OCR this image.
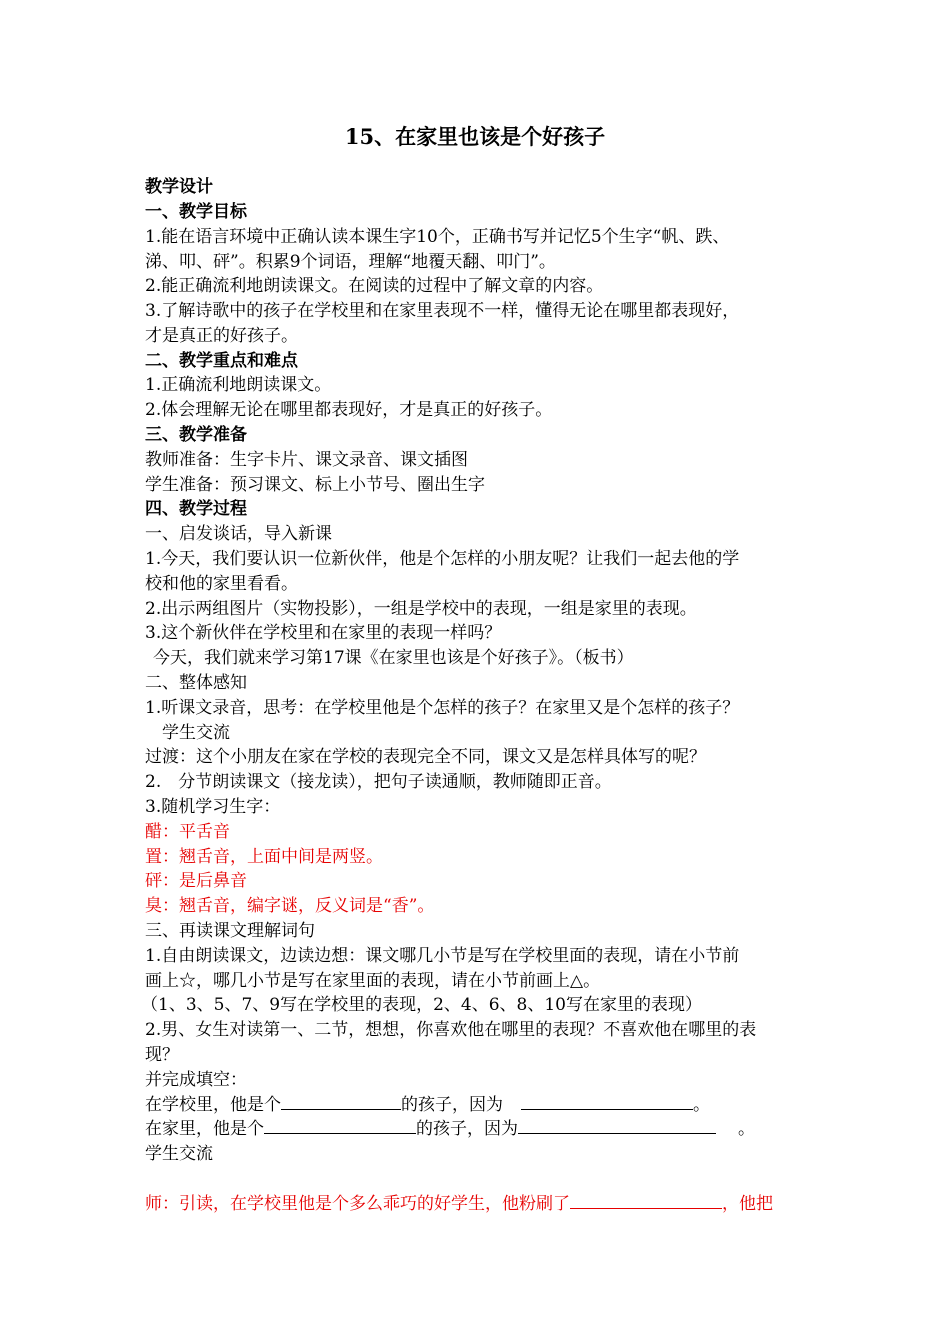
15、在家里也该是个好孩子
教学设计
一、教学目标
1.能在语言环境中正确认读本课生字10个，正确书写并记忆5个生字“帆、跌、
涕、叩、砰”。积累9个词语，理解“地覆天翻、叩门”。
2.能正确流利地朗读课文。在阅读的过程中了解文章的内容。
3.了解诗歌中的孩子在学校里和在家里表现不一样，懂得无论在哪里都表现好，
才是真正的好孩子。
二、教学重点和难点
1.正确流利地朗读课文。
2.体会理解无论在哪里都表现好，才是真正的好孩子。
三、教学准备
教师准备：生字卡片、课文录音、课文插图
学生准备：预习课文、标上小节号、圈出生字
四、教学过程
一、启发谈话，导入新课
1.今天，我们要认识一位新伙伴，他是个怎样的小朋友呢？让我们一起去他的学
校和他的家里看看。
2.出示两组图片（实物投影），一组是学校中的表现，一组是家里的表现。
3.这个新伙伴在学校里和在家里的表现一样吗？
今天，我们就来学习第17课《在家里也该是个好孩子》。（板书）
二、整体感知
1.听课文录音，思考：在学校里他是个怎样的孩子？在家里又是个怎样的孩子？
学生交流
过渡：这个小朋友在家在学校的表现完全不同，课文又是怎样具体写的呢？
2.　分节朗读课文（接龙读），把句子读通顺，教师随即正音。
3.随机学习生字：
醋：平舌音
置：翘舌音，上面中间是两竖。
砰：是后鼻音
臭：翘舌音，编字谜，反义词是“香”。
三、再读课文理解词句
1.自由朗读课文，边读边想：课文哪几小节是写在学校里面的表现，请在小节前
画上☆，哪几小节是写在家里面的表现，请在小节前画上△。
（1、3、5、7、9写在学校里的表现，2、4、6、8、10写在家里的表现）
2.男、女生对读第一、二节，想想，你喜欢他在哪里的表现？不喜欢他在哪里的表
现？
并完成填空：
在学校里，他是个	的孩子，因为	。
在家里，他是个	的孩子，因为	。
学生交流
师：引读，在学校里他是个多么乖巧的好学生，他粉刷了	，他把
